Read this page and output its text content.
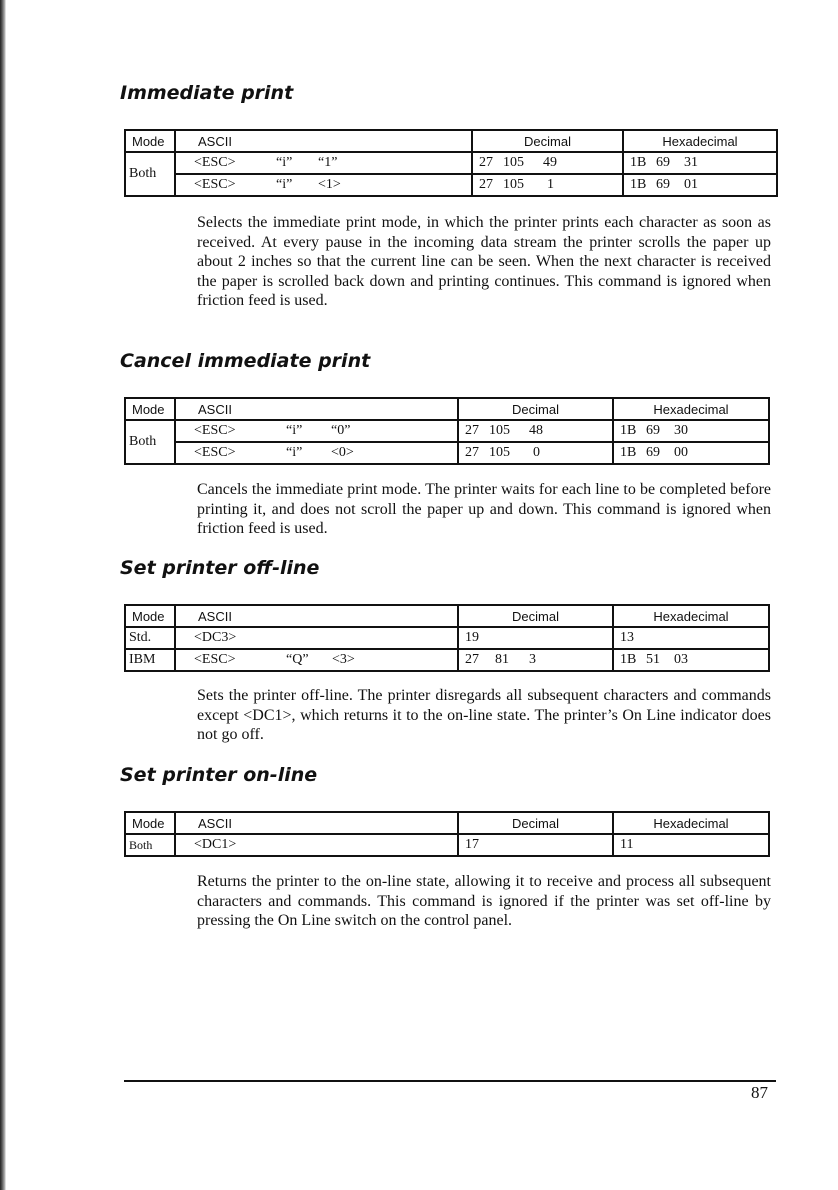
Immediate print
Mode	ASCII	Decimal	Hexadecimal
Both	<ESC> “i” “1”	27 105 49	1B 69 31
	<ESC> “i” <1>	27 105 1	1B 69 01

Selects the immediate print mode, in which the printer prints each character as soon as received. At every pause in the incoming data stream the printer scrolls the paper up about 2 inches so that the current line can be seen. When the next character is received the paper is scrolled back down and printing continues. This command is ignored when friction feed is used.

Cancel immediate print
Mode	ASCII	Decimal	Hexadecimal
Both	<ESC> “i” “0”	27 105 48	1B 69 30
	<ESC> “i” <0>	27 105 0	1B 69 00

Cancels the immediate print mode. The printer waits for each line to be completed before printing it, and does not scroll the paper up and down. This command is ignored when friction feed is used.

Set printer off-line
Mode	ASCII	Decimal	Hexadecimal
Std.	<DC3>	19	13
IBM	<ESC> “Q” <3>	27 81 3	1B 51 03

Sets the printer off-line. The printer disregards all subsequent characters and commands except <DC1>, which returns it to the on-line state. The printer’s On Line indicator does not go off.

Set printer on-line
Mode	ASCII	Decimal	Hexadecimal
Both	<DC1>	17	11

Returns the printer to the on-line state, allowing it to receive and process all subsequent characters and commands. This command is ignored if the printer was set off-line by pressing the On Line switch on the control panel.

87
